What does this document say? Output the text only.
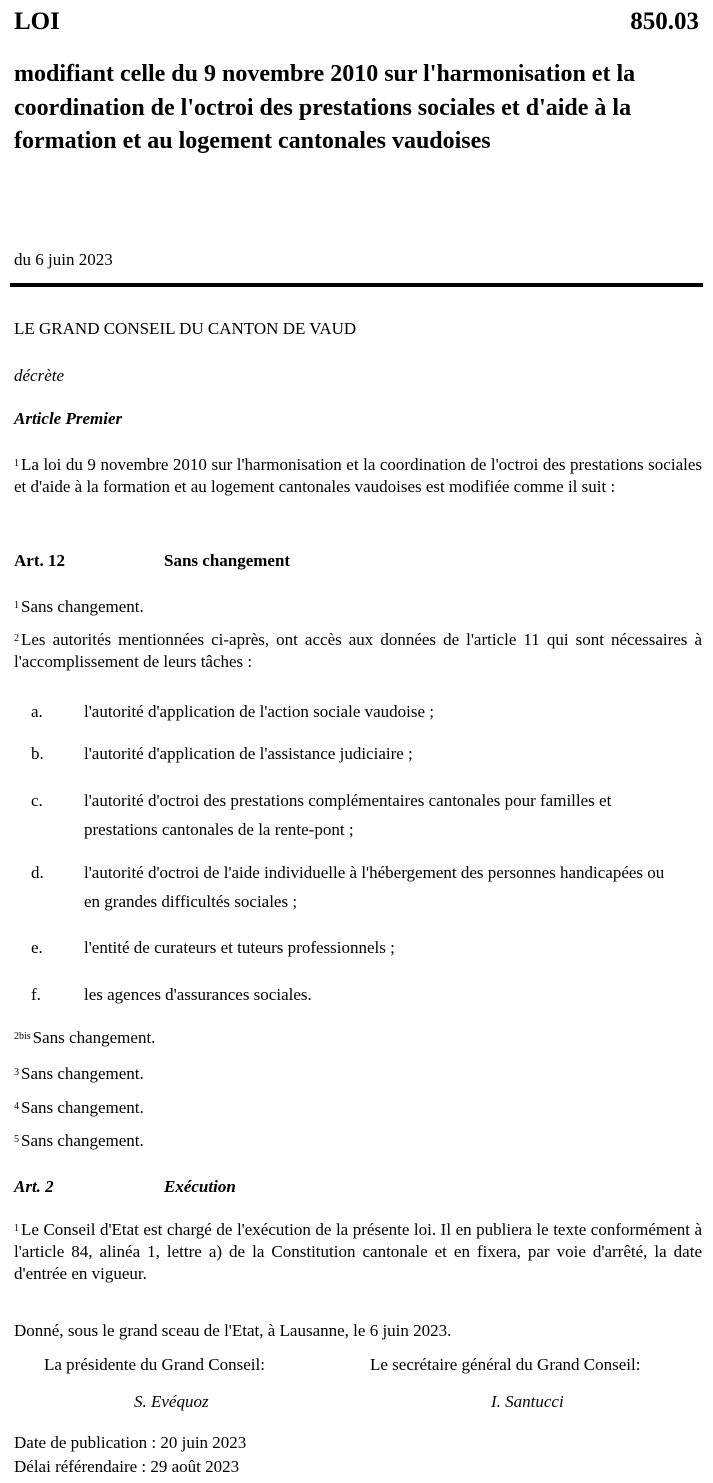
LOI	850.03
modifiant celle du 9 novembre 2010 sur l'harmonisation et la coordination de l'octroi des prestations sociales et d'aide à la formation et au logement cantonales vaudoises
du 6 juin 2023

LE GRAND CONSEIL DU CANTON DE VAUD

décrète

Article Premier

$^1$ La loi du 9 novembre 2010 sur l'harmonisation et la coordination de l'octroi des prestations sociales et d'aide à la formation et au logement cantonales vaudoises est modifiée comme il suit :

Art. 12	Sans changement

$^1$ Sans changement.

$^2$ Les autorités mentionnées ci-après, ont accès aux données de l'article 11 qui sont nécessaires à l'accomplissement de leurs tâches :

a. l'autorité d'application de l'action sociale vaudoise ;
b. l'autorité d'application de l'assistance judiciaire ;
c. l'autorité d'octroi des prestations complémentaires cantonales pour familles et prestations cantonales de la rente-pont ;
d. l'autorité d'octroi de l'aide individuelle à l'hébergement des personnes handicapées ou en grandes difficultés sociales ;
e. l'entité de curateurs et tuteurs professionnels ;
f.	les agences d'assurances sociales.

$^{2bis}$ Sans changement.

$^3$ Sans changement.

$^4$ Sans changement.

$^5$ Sans changement.

Art. 2	Exécution

$^1$ Le Conseil d'Etat est chargé de l'exécution de la présente loi. Il en publiera le texte conformément à l'article 84, alinéa 1, lettre a) de la Constitution cantonale et en fixera, par voie d'arrêté, la date d'entrée en vigueur.

Donné, sous le grand sceau de l'Etat, à Lausanne, le 6 juin 2023.

La présidente du Grand Conseil:
S. Evéquoz
Le secrétaire général du Grand Conseil:
I. Santucci

Date de publication : 20 juin 2023

Délai référendaire : 29 août 2023
